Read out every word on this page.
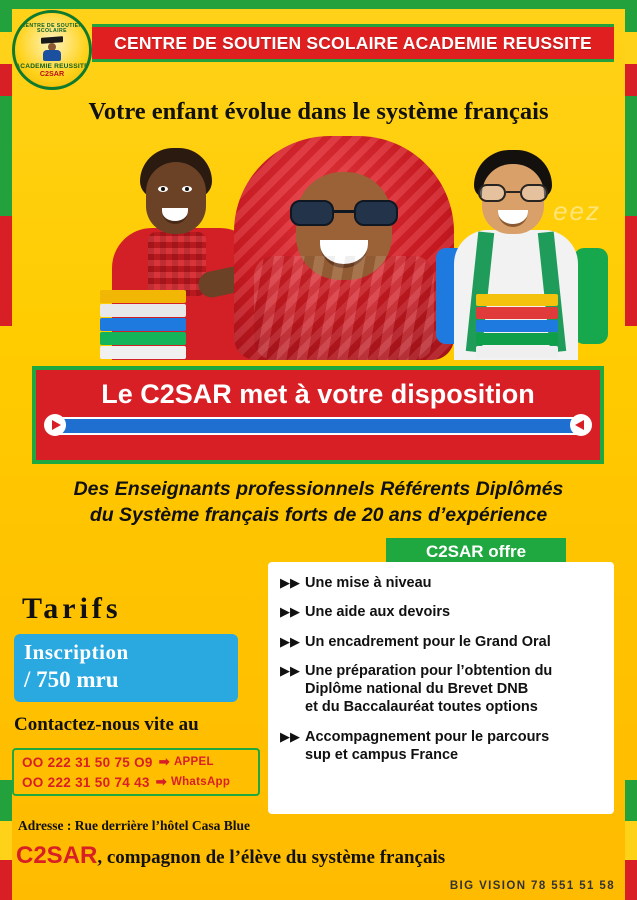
CENTRE DE SOUTIEN SCOLAIRE
ACADEMIE REUSSITE
C2SAR
CENTRE DE SOUTIEN SCOLAIRE ACADEMIE REUSSITE
Votre enfant évolue dans le système français
eez
Le C2SAR met à votre disposition
Des Enseignants professionnels Référents Diplômés
du Système français forts de 20 ans d’expérience
C2SAR offre
▶▶ Une mise à niveau
▶▶ Une aide aux devoirs
▶▶ Un encadrement pour le Grand Oral
▶▶ Une préparation pour l’obtention du
Diplôme national du Brevet DNB
et du Baccalauréat toutes options
▶▶ Accompagnement pour le parcours
sup et campus France
Tarifs
Inscription
/ 750 mru
Contactez-nous vite au
OO 222 31 50 75 O9 ➡ APPEL
OO 222 31 50 74 43 ➡ WhatsApp
Adresse : Rue derrière l’hôtel Casa Blue
C2SAR , compagnon de l’élève du système français
BIG VISION 78 551 51 58
